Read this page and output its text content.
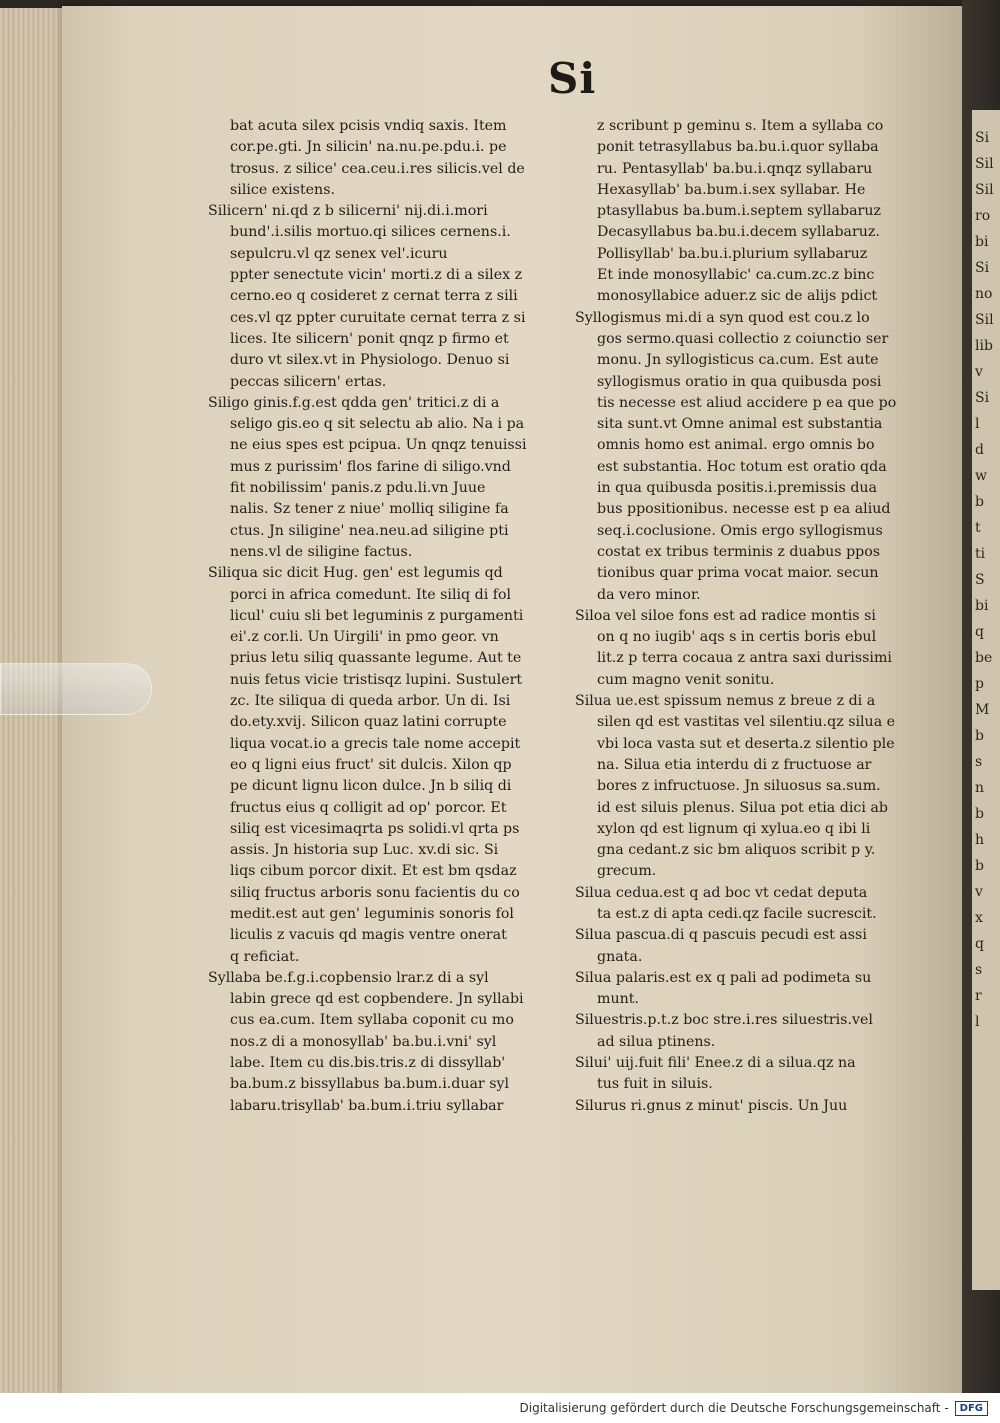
Si
Sil
Sil
ro
bi
Si
no
Sil
lib
v
Si
l
d
w
b
t
ti
S
bi
q
be
p
M
b
s
n
b
h
b
v
x
q
s
r
l
Si
bat acuta silex pcisis vndiq saxis. Item
cor.pe.gti. Jn silicin' na.nu.pe.pdu.i. pe
trosus. z silice' cea.ceu.i.res silicis.vel de
silice existens.
Silicern' ni.qd z b silicerni' nij.di.i.mori
bund'.i.silis mortuo.qi silices cernens.i.
sepulcru.vl qz senex vel'.icuru
ppter senectute vicin' morti.z di a silex z
cerno.eo q cosideret z cernat terra z sili
ces.vl qz ppter curuitate cernat terra z si
lices. Ite silicern' ponit qnqz p firmo et
duro vt silex.vt in Physiologo. Denuo si
peccas silicern' ertas.
Siligo ginis.f.g.est qdda gen' tritici.z di a
seligo gis.eo q sit selectu ab alio. Na i pa
ne eius spes est pcipua. Un qnqz tenuissi
mus z purissim' flos farine di siligo.vnd
fit nobilissim' panis.z pdu.li.vn Juue
nalis. Sz tener z niue' molliq siligine fa
ctus. Jn siligine' nea.neu.ad siligine pti
nens.vl de siligine factus.
Siliqua sic dicit Hug. gen' est legumis qd
porci in africa comedunt. Ite siliq di fol
licul' cuiu sli bet leguminis z purgamenti
ei'.z cor.li. Un Uirgili' in pmo geor. vn
prius letu siliq quassante legume. Aut te
nuis fetus vicie tristisqz lupini. Sustulert
zc. Ite siliqua di queda arbor. Un di. Isi
do.ety.xvij. Silicon quaz latini corrupte
liqua vocat.io a grecis tale nome accepit
eo q ligni eius fruct' sit dulcis. Xilon qp
pe dicunt lignu licon dulce. Jn b siliq di
fructus eius q colligit ad op' porcor. Et
siliq est vicesimaqrta ps solidi.vl qrta ps
assis. Jn historia sup Luc. xv.di sic. Si
liqs cibum porcor dixit. Et est bm qsdaz
siliq fructus arboris sonu facientis du co
medit.est aut gen' leguminis sonoris fol
liculis z vacuis qd magis ventre onerat
q reficiat.
Syllaba be.f.g.i.copbensio lrar.z di a syl
labin grece qd est copbendere. Jn syllabi
cus ea.cum. Item syllaba coponit cu mo
nos.z di a monosyllab' ba.bu.i.vni' syl
labe. Item cu dis.bis.tris.z di dissyllab'
ba.bum.z bissyllabus ba.bum.i.duar syl
labaru.trisyllab' ba.bum.i.triu syllabar
z scribunt p geminu s. Item a syllaba co
ponit tetrasyllabus ba.bu.i.quor syllaba
ru. Pentasyllab' ba.bu.i.qnqz syllabaru
Hexasyllab' ba.bum.i.sex syllabar. He
ptasyllabus ba.bum.i.septem syllabaruz
Decasyllabus ba.bu.i.decem syllabaruz.
Pollisyllab' ba.bu.i.plurium syllabaruz
Et inde monosyllabic' ca.cum.zc.z binc
monosyllabice aduer.z sic de alijs pdict
Syllogismus mi.di a syn quod est cou.z lo
gos sermo.quasi collectio z coiunctio ser
monu. Jn syllogisticus ca.cum. Est aute
syllogismus oratio in qua quibusda posi
tis necesse est aliud accidere p ea que po
sita sunt.vt Omne animal est substantia
omnis homo est animal. ergo omnis bo
est substantia. Hoc totum est oratio qda
in qua quibusda positis.i.premissis dua
bus ppositionibus. necesse est p ea aliud
seq.i.coclusione. Omis ergo syllogismus
costat ex tribus terminis z duabus ppos
tionibus quar prima vocat maior. secun
da vero minor.
Siloa vel siloe fons est ad radice montis si
on q no iugib' aqs s in certis boris ebul
lit.z p terra cocaua z antra saxi durissimi
cum magno venit sonitu.
Silua ue.est spissum nemus z breue z di a
silen qd est vastitas vel silentiu.qz silua e
vbi loca vasta sut et deserta.z silentio ple
na. Silua etia interdu di z fructuose ar
bores z infructuose. Jn siluosus sa.sum.
id est siluis plenus. Silua pot etia dici ab
xylon qd est lignum qi xylua.eo q ibi li
gna cedant.z sic bm aliquos scribit p y.
grecum.
Silua cedua.est q ad boc vt cedat deputa
ta est.z di apta cedi.qz facile sucrescit.
Silua pascua.di q pascuis pecudi est assi
gnata.
Silua palaris.est ex q pali ad podimeta su
munt.
Siluestris.p.t.z boc stre.i.res siluestris.vel
ad silua ptinens.
Silui' uij.fuit fili' Enee.z di a silua.qz na
tus fuit in siluis.
Silurus ri.gnus z minut' piscis. Un Juu
Digitalisierung gefördert durch die Deutsche Forschungsgemeinschaft -	DFG
